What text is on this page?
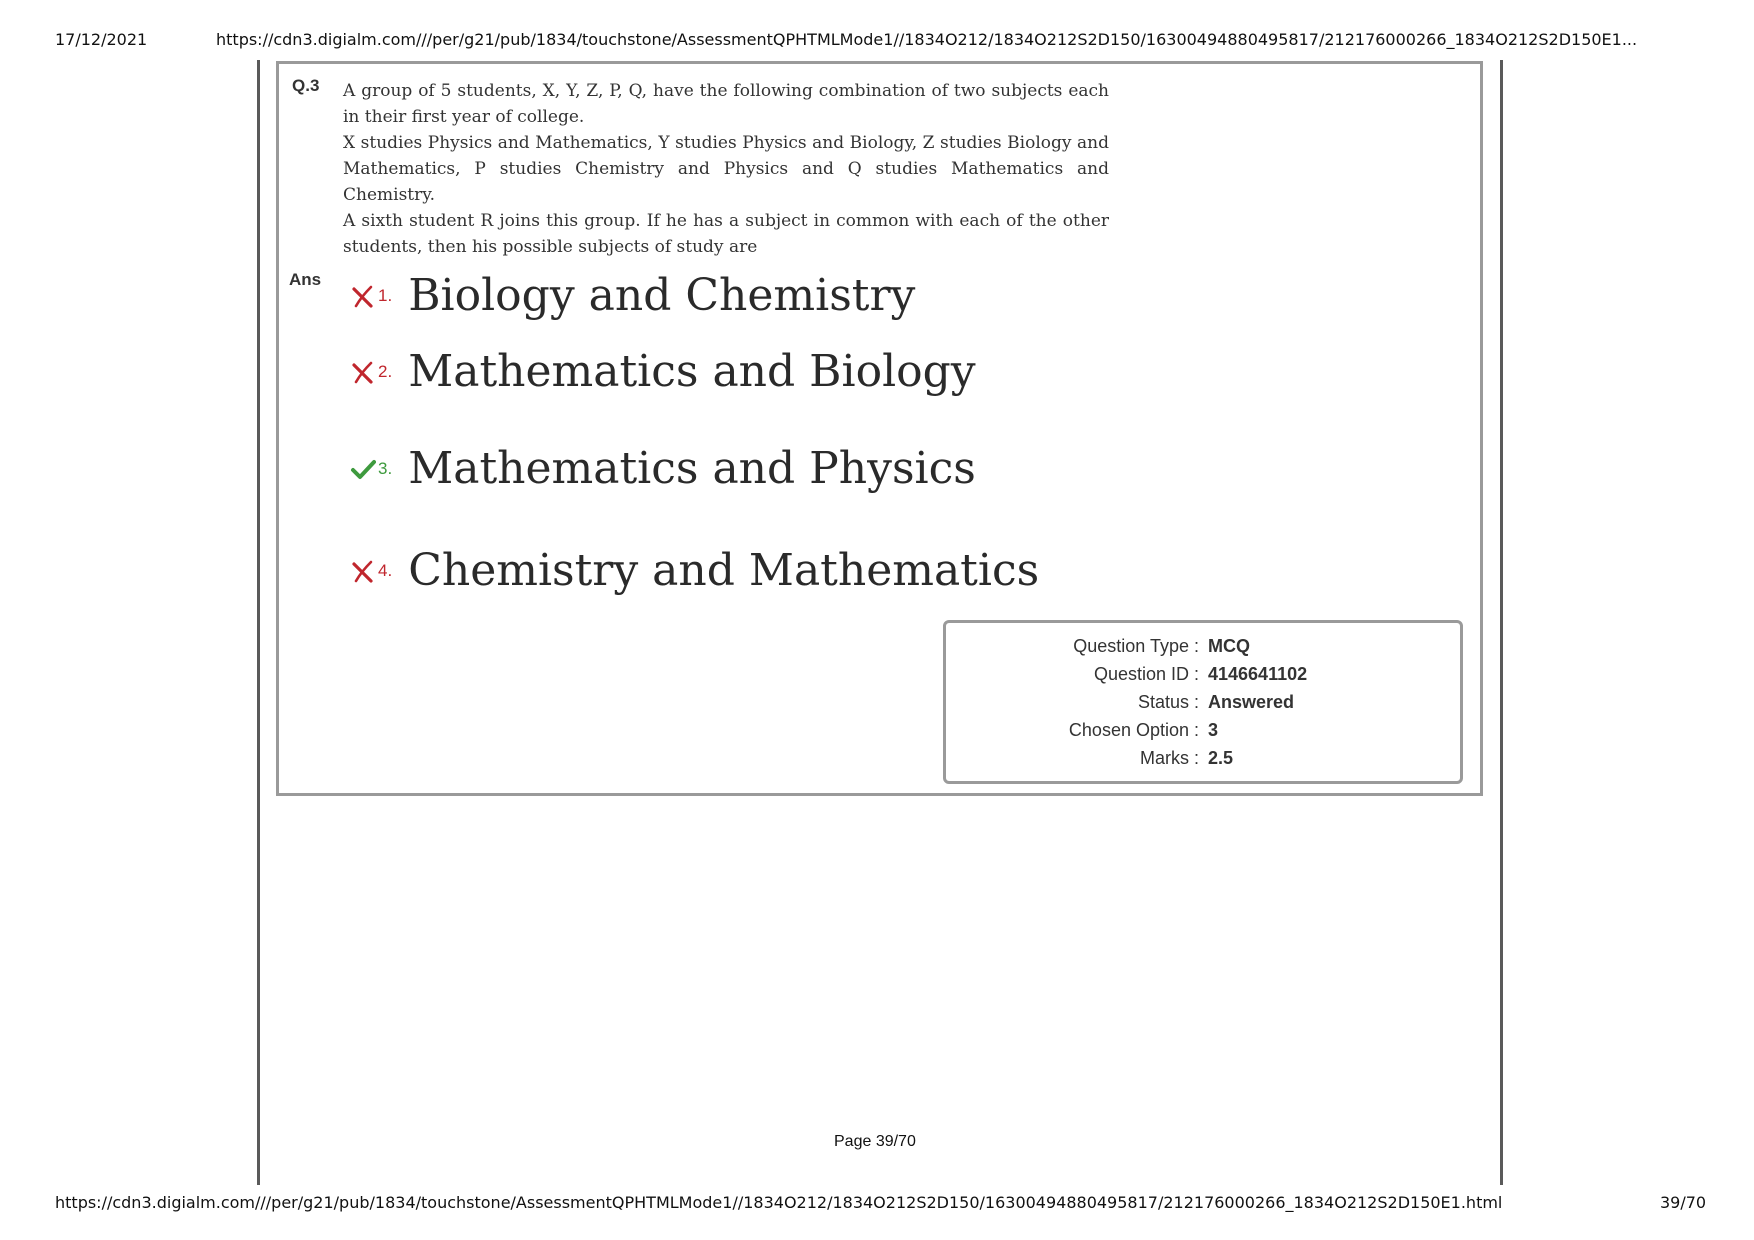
17/12/2021	https://cdn3.digialm.com///per/g21/pub/1834/touchstone/AssessmentQPHTMLMode1//1834O212/1834O212S2D150/16300494880495817/212176000266_1834O212S2D150E1...
Q.3 A group of 5 students, X, Y, Z, P, Q, have the following combination of two subjects each in their first year of college.

X studies Physics and Mathematics, Y studies Physics and Biology, Z studies Biology and Mathematics, P studies Chemistry and Physics and Q studies Mathematics and Chemistry.

A sixth student R joins this group. If he has a subject in common with each of the other students, then his possible subjects of study are

Ans
1. Biology and Chemistry
2. Mathematics and Biology
3. Mathematics and Physics
4. Chemistry and Mathematics
Question Type : MCQ
Question ID : 4146641102
Status : Answered
Chosen Option : 3
Marks : 2.5
Page 39/70
https://cdn3.digialm.com///per/g21/pub/1834/touchstone/AssessmentQPHTMLMode1//1834O212/1834O212S2D150/16300494880495817/212176000266_1834O212S2D150E1.html	39/70
